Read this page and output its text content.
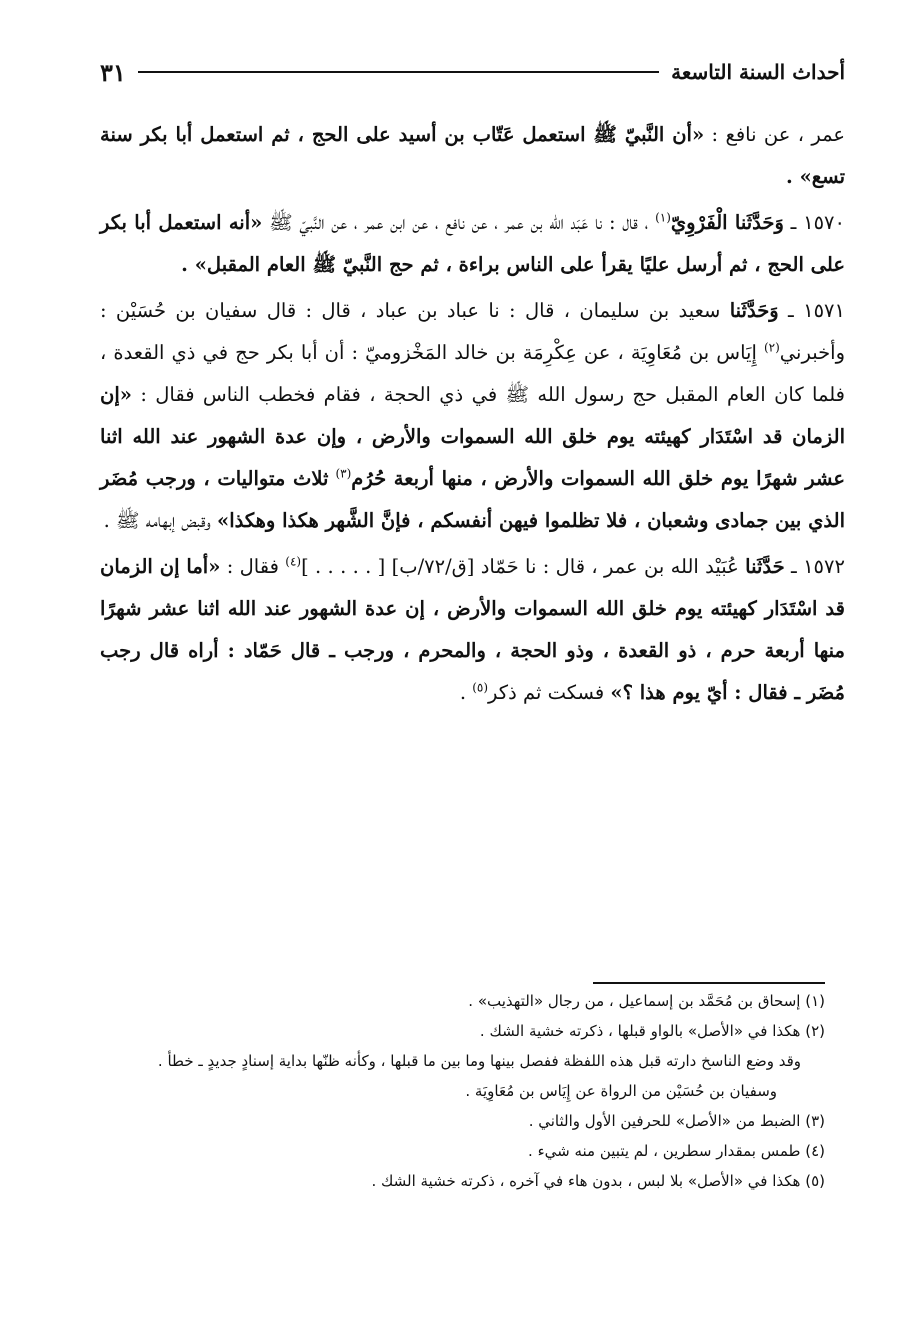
أحداث السنة التاسعة
٣١

عمر ، عن نافع : «أن النَّبيّ ﷺ استعمل عَتّاب بن أسيد على الحج ، ثم استعمل أبا بكر سنة تسع» .

١٥٧٠ ـ وَحَدَّثَنا الْفَرْوِيّ$^{(١)}$ ، قال : نا عَبَد الله بن عمر ، عن نافع ، عن ابن عمر ، عن النَّبيّ ﷺ «أنه استعمل أبا بكر على الحج ، ثم أرسل عليًا يقرأ على الناس براءة ، ثم حج النَّبيّ ﷺ العام المقبل» .

١٥٧١ ـ وَحَدَّثَنا سعيد بن سليمان ، قال : نا عباد بن عباد ، قال : قال سفيان بن حُسَيْن : وأخبرني$^{(٢)}$ إِيَاس بن مُعَاوِيَة ، عن عِكْرِمَة بن خالد المَخْزوميّ : أن أبا بكر حج في ذي القعدة ، فلما كان العام المقبل حج رسول الله ﷺ في ذي الحجة ، فقام فخطب الناس فقال : «إن الزمان قد اسْتَدَار كهيئته يوم خلق الله السموات والأرض ، وإن عدة الشهور عند الله اثنا عشر شهرًا يوم خلق الله السموات والأرض ، منها أربعة حُرُم$^{(٣)}$ ثلاث متواليات ، ورجب مُضَر الذي بين جمادى وشعبان ، فلا تظلموا فيهن أنفسكم ، فإنَّ الشَّهر هكذا وهكذا» وقبض إبهامه ﷺ .

١٥٧٢ ـ حَدَّثَنا عُبَيْد الله بن عمر ، قال : نا حَمّاد [ق/٧٢/ب] [ . . . . . ]$^{(٤)}$ فقال : «أما إن الزمان قد اسْتَدَار كهيئته يوم خلق الله السموات والأرض ، إن عدة الشهور عند الله اثنا عشر شهرًا منها أربعة حرم ، ذو القعدة ، وذو الحجة ، والمحرم ، ورجب ـ قال حَمّاد : أراه قال رجب مُضَر ـ فقال : أيّ يوم هذا ؟» فسكت ثم ذكر$^{(٥)}$ .

(١) إسحاق بن مُحَمَّد بن إسماعيل ، من رجال «التهذيب» .

(٢) هكذا في «الأصل» بالواو قبلها ، ذكرته خشية الشك .

وقد وضع الناسخ دارته قبل هذه اللفظة ففصل بينها وما بين ما قبلها ، وكأنه ظنّها بداية إسنادٍ جديدٍ ـ خطأ .

وسفيان بن حُسَيْن من الرواة عن إِيَاس بن مُعَاوِيَة .

(٣) الضبط من «الأصل» للحرفين الأول والثاني .

(٤) طمس بمقدار سطرين ، لم يتبين منه شيء .

(٥) هكذا في «الأصل» بلا لبس ، بدون هاء في آخره ، ذكرته خشية الشك .
